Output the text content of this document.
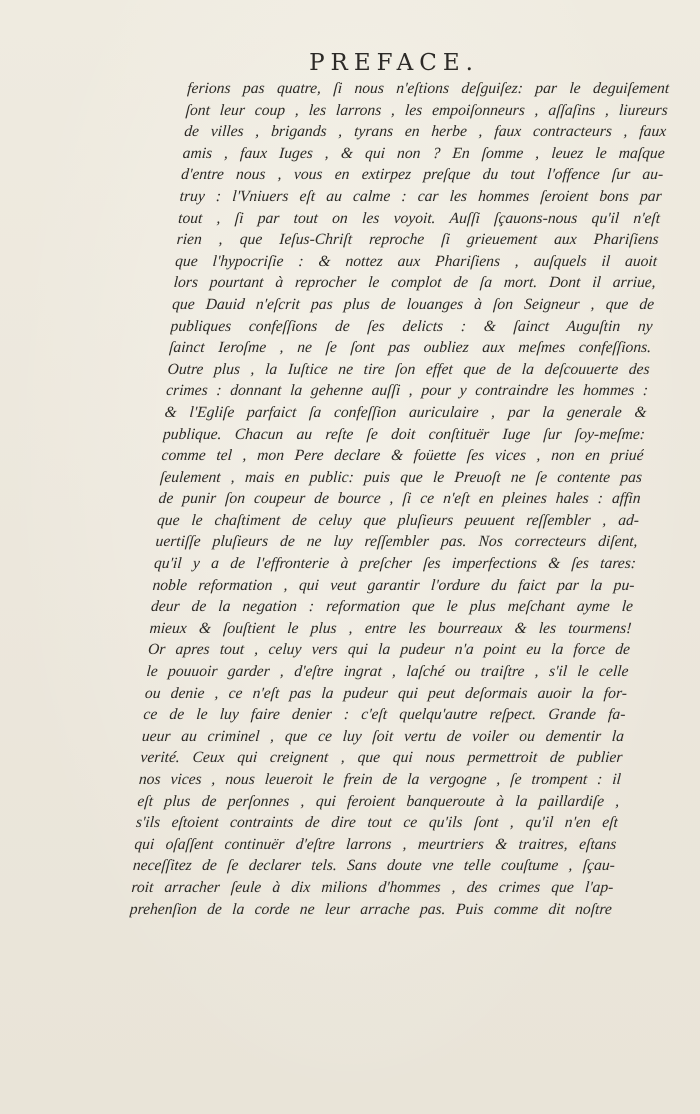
PREFACE.
ferions pas quatre, ſi nous n'eſtions deſguiſez: par le deguiſement
ſont leur coup , les larrons , les empoiſonneurs , aſſaſins , liureurs
de villes , brigands , tyrans en herbe , faux contracteurs , faux
amis , faux Iuges , & qui non ? En ſomme , leuez le maſque
d'entre nous , vous en extirpez preſque du tout l'offence ſur au-
truy : l'Vniuers eſt au calme : car les hommes ſeroient bons par
tout , ſi par tout on les voyoit. Auſſi ſçauons-nous qu'il n'eſt
rien , que Ieſus-Chriſt reproche ſi grieuement aux Phariſiens
que l'hypocriſie : & nottez aux Phariſiens , auſquels il auoit
lors pourtant à reprocher le complot de ſa mort. Dont il arriue,
que Dauid n'eſcrit pas plus de louanges à ſon Seigneur , que de
publiques confeſſions de ſes delicts : & ſainct Auguſtin ny
ſainct Ieroſme , ne ſe ſont pas oubliez aux meſmes confeſſions.
Outre plus , la Iuſtice ne tire ſon effet que de la deſcouuerte des
crimes : donnant la gehenne auſſi , pour y contraindre les hommes :
& l'Egliſe parfaict ſa confeſſion auriculaire , par la generale &
publique. Chacun au reſte ſe doit conſtituër Iuge ſur ſoy-meſme:
comme tel , mon Pere declare & foüette ſes vices , non en priué
ſeulement , mais en public: puis que le Preuoſt ne ſe contente pas
de punir ſon coupeur de bource , ſi ce n'eſt en pleines hales : affin
que le chaſtiment de celuy que pluſieurs peuuent reſſembler , ad-
uertiſſe pluſieurs de ne luy reſſembler pas. Nos correcteurs diſent,
qu'il y a de l'effronterie à preſcher ſes imperfections & ſes tares:
noble reformation , qui veut garantir l'ordure du faict par la pu-
deur de la negation : reformation que le plus meſchant ayme le
mieux & ſouſtient le plus , entre les bourreaux & les tourmens!
Or apres tout , celuy vers qui la pudeur n'a point eu la force de
le pouuoir garder , d'eſtre ingrat , laſché ou traiſtre , s'il le celle
ou denie , ce n'eſt pas la pudeur qui peut deſormais auoir la for-
ce de le luy faire denier : c'eſt quelqu'autre reſpect. Grande fa-
ueur au criminel , que ce luy ſoit vertu de voiler ou dementir la
verité. Ceux qui creignent , que qui nous permettroit de publier
nos vices , nous leueroit le frein de la vergogne , ſe trompent : il
eſt plus de perſonnes , qui feroient banqueroute à la paillardiſe ,
s'ils eſtoient contraints de dire tout ce qu'ils ſont , qu'il n'en eſt
qui oſaſſent continuër d'eſtre larrons , meurtriers & traitres, eſtans
neceſſitez de ſe declarer tels. Sans doute vne telle couſtume , ſçau-
roit arracher ſeule à dix milions d'hommes , des crimes que l'ap-
prehenſion de la corde ne leur arrache pas. Puis comme dit noſtre
